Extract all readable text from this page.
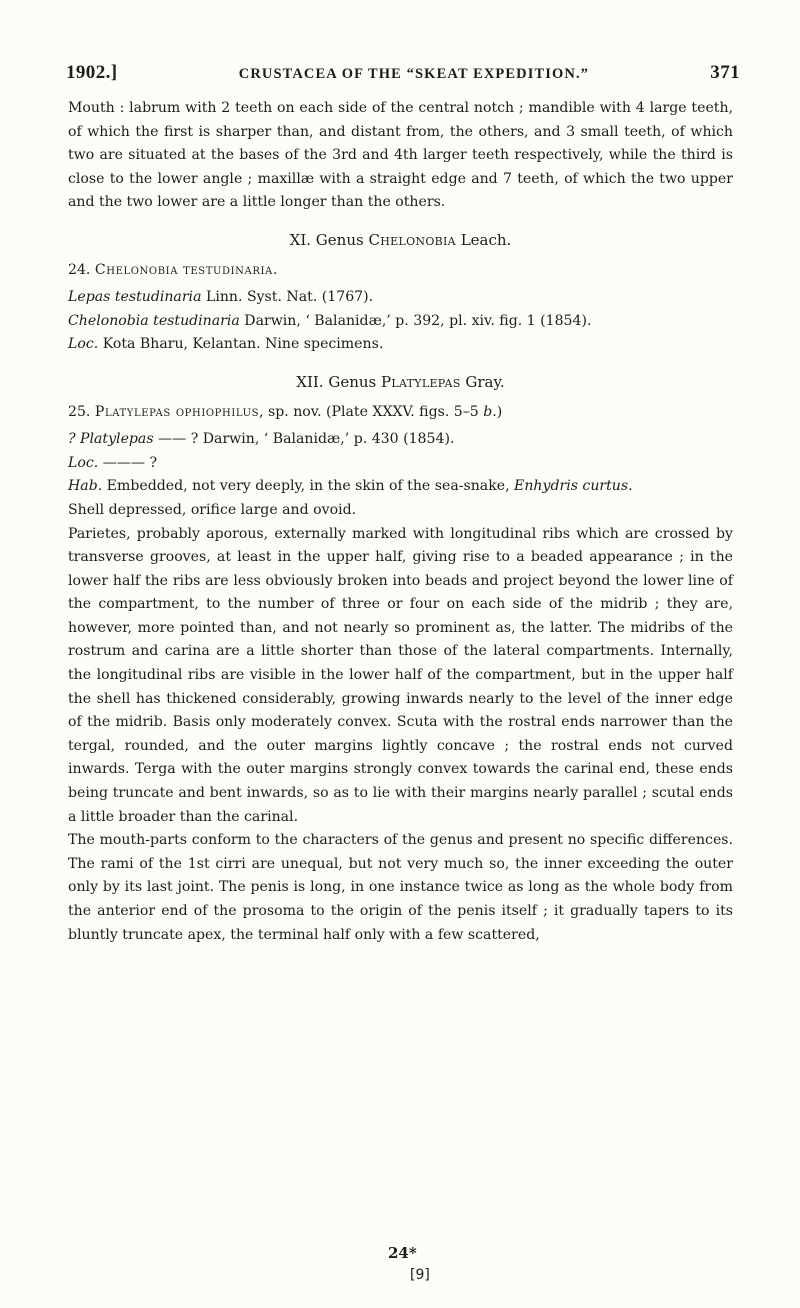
1902.]	CRUSTACEA OF THE “SKEAT EXPEDITION.”	371

Mouth : labrum with 2 teeth on each side of the central notch ; mandible with 4 large teeth, of which the first is sharper than, and distant from, the others, and 3 small teeth, of which two are situated at the bases of the 3rd and 4th larger teeth respectively, while the third is close to the lower angle ; maxillæ with a straight edge and 7 teeth, of which the two upper and the two lower are a little longer than the others.

XI. Genus Chelonobia Leach.

24. Chelonobia testudinaria.

Lepas testudinaria Linn. Syst. Nat. (1767).

Chelonobia testudinaria Darwin, ‘ Balanidæ,’ p. 392, pl. xiv. fig. 1 (1854).

Loc. Kota Bharu, Kelantan. Nine specimens.

XII. Genus Platylepas Gray.

25. Platylepas ophiophilus, sp. nov. (Plate XXXV. figs. 5–5 b.)

? Platylepas —— ? Darwin, ‘ Balanidæ,’ p. 430 (1854).

Loc. ——— ?

Hab. Embedded, not very deeply, in the skin of the sea-snake, Enhydris curtus.

Shell depressed, orifice large and ovoid.

Parietes, probably aporous, externally marked with longitudinal ribs which are crossed by transverse grooves, at least in the upper half, giving rise to a beaded appearance ; in the lower half the ribs are less obviously broken into beads and project beyond the lower line of the compartment, to the number of three or four on each side of the midrib ; they are, however, more pointed than, and not nearly so prominent as, the latter. The midribs of the rostrum and carina are a little shorter than those of the lateral compartments. Internally, the longitudinal ribs are visible in the lower half of the compartment, but in the upper half the shell has thickened considerably, growing inwards nearly to the level of the inner edge of the midrib. Basis only moderately convex. Scuta with the rostral ends narrower than the tergal, rounded, and the outer margins lightly concave ; the rostral ends not curved inwards. Terga with the outer margins strongly convex towards the carinal end, these ends being truncate and bent inwards, so as to lie with their margins nearly parallel ; scutal ends a little broader than the carinal.

The mouth-parts conform to the characters of the genus and present no specific differences. The rami of the 1st cirri are unequal, but not very much so, the inner exceeding the outer only by its last joint. The penis is long, in one instance twice as long as the whole body from the anterior end of the prosoma to the origin of the penis itself ; it gradually tapers to its bluntly truncate apex, the terminal half only with a few scattered,

24*
[9]
